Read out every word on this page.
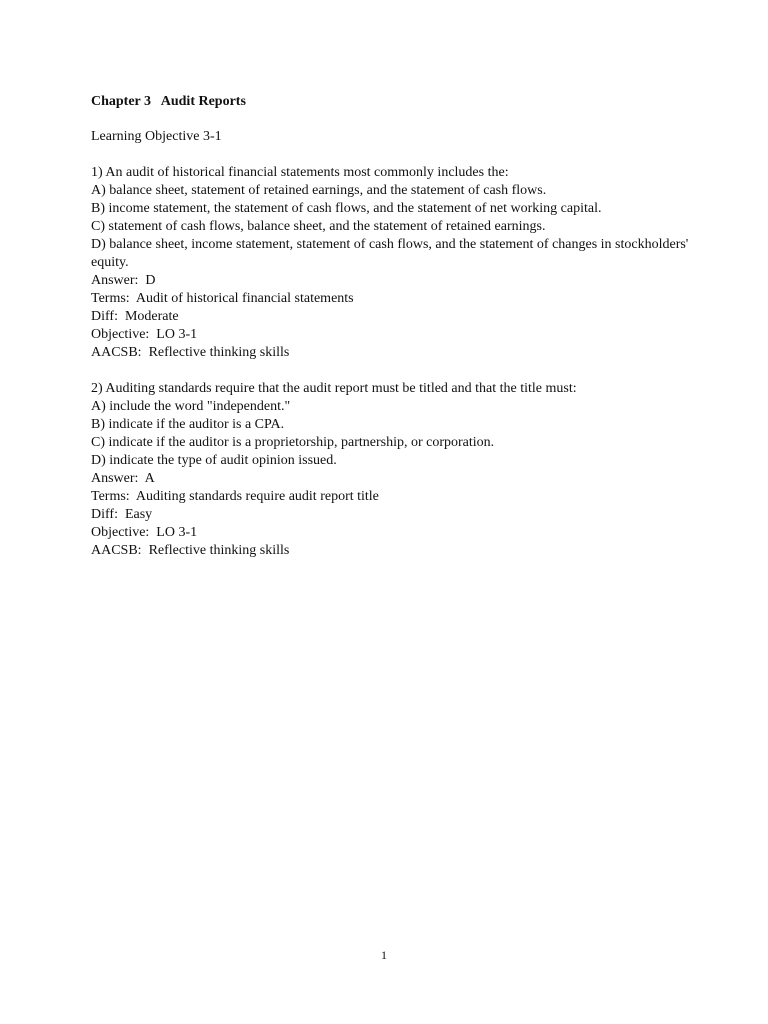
Chapter 3   Audit Reports
Learning Objective 3-1
1) An audit of historical financial statements most commonly includes the:
A) balance sheet, statement of retained earnings, and the statement of cash flows.
B) income statement, the statement of cash flows, and the statement of net working capital.
C) statement of cash flows, balance sheet, and the statement of retained earnings.
D) balance sheet, income statement, statement of cash flows, and the statement of changes in stockholders' equity.
Answer:  D
Terms:  Audit of historical financial statements
Diff:  Moderate
Objective:  LO 3-1
AACSB:  Reflective thinking skills
2) Auditing standards require that the audit report must be titled and that the title must:
A) include the word "independent."
B) indicate if the auditor is a CPA.
C) indicate if the auditor is a proprietorship, partnership, or corporation.
D) indicate the type of audit opinion issued.
Answer:  A
Terms:  Auditing standards require audit report title
Diff:  Easy
Objective:  LO 3-1
AACSB:  Reflective thinking skills
1
